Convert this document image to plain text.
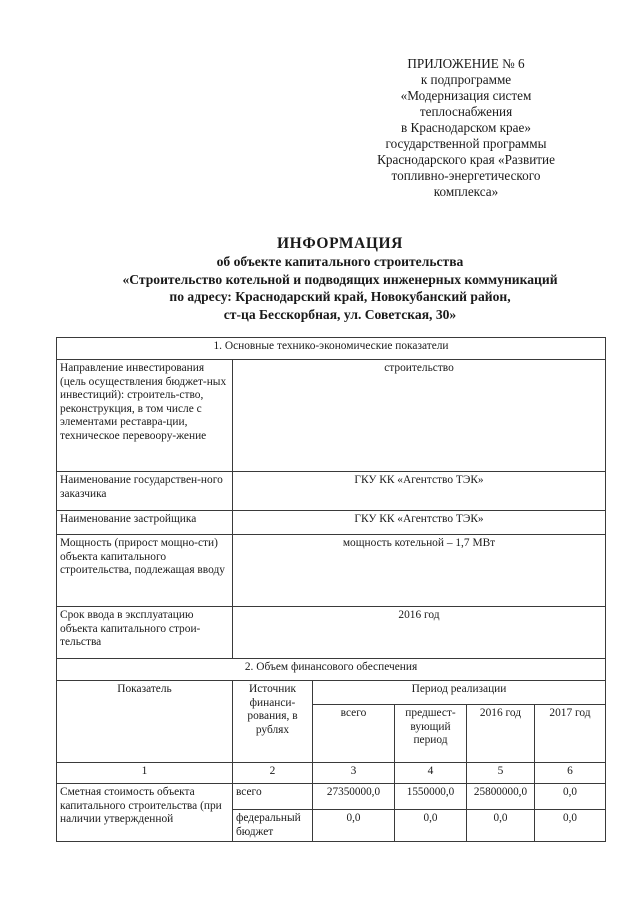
ПРИЛОЖЕНИЕ № 6
к подпрограмме
«Модернизация систем
теплоснабжения
в Краснодарском крае»
государственной программы
Краснодарского края «Развитие
топливно-энергетического
комплекса»
ИНФОРМАЦИЯ
об объекте капитального строительства
«Строительство котельной и подводящих инженерных коммуникаций
по адресу: Краснодарский край, Новокубанский район,
ст-ца Бесскорбная, ул. Советская, 30»
1. Основные технико-экономические показатели					
Направление инвестирования (цель осуществления бюджет-ных инвестиций): строитель-ство, реконструкция, в том числе с элементами реставра-ции, техническое перевоору-жение	строительство				
Наименование государствен-ного заказчика	ГКУ КК «Агентство ТЭК»				
Наименование застройщика	ГКУ КК «Агентство ТЭК»				
Мощность (прирост мощно-сти) объекта капитального строительства, подлежащая вводу	мощность котельной – 1,7 МВт				
Срок ввода в эксплуатацию объекта капитального строи-тельства	2016 год				
2. Объем финансового обеспечения					
Показатель	Источник финанси-рования, в рублях	Период реализации			
		всего	предшест-вующий период	2016 год	2017 год
1	2	3	4	5	6
Сметная стоимость объекта капитального строительства (при наличии утвержденной	всего	27350000,0	1550000,0	25800000,0	0,0
	федеральный бюджет	0,0	0,0	0,0	0,0
